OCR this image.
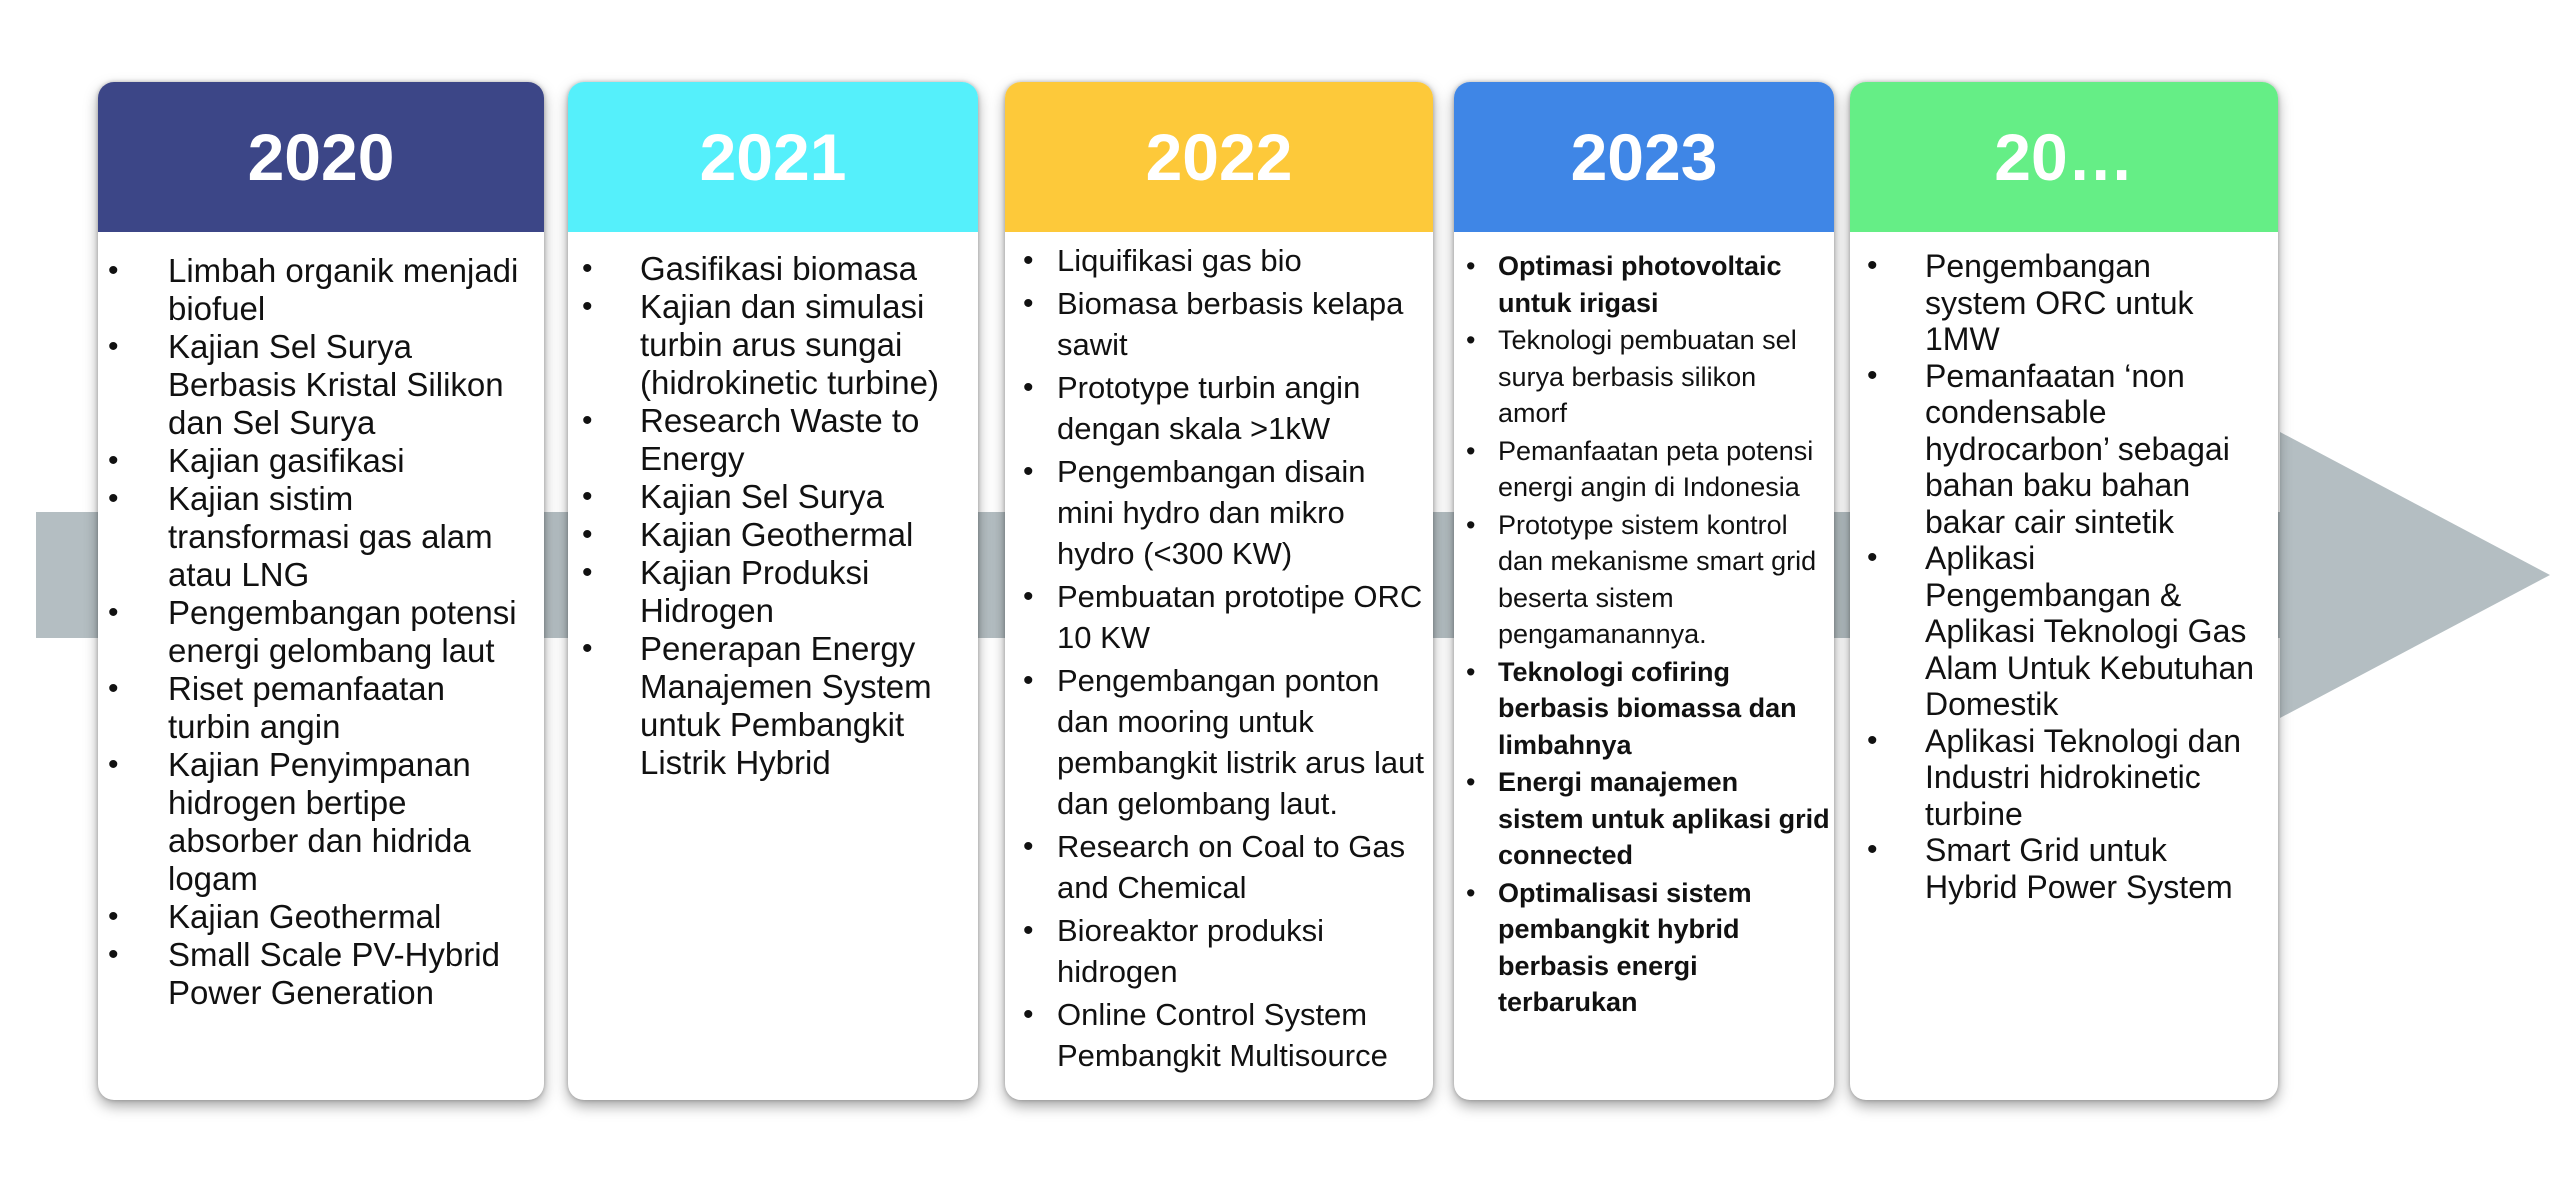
2020
• Limbah organik menjadi biofuel
• Kajian Sel Surya Berbasis Kristal Silikon dan Sel Surya
• Kajian gasifikasi
• Kajian sistim transformasi gas alam atau LNG
• Pengembangan potensi energi gelombang laut
• Riset pemanfaatan turbin angin
• Kajian Penyimpanan hidrogen bertipe absorber dan hidrida logam
• Kajian Geothermal
• Small Scale PV-Hybrid Power Generation
2021
• Gasifikasi biomasa
• Kajian dan simulasi turbin arus sungai (hidrokinetic turbine)
• Research Waste to Energy
• Kajian Sel Surya
• Kajian Geothermal
• Kajian Produksi Hidrogen
• Penerapan Energy Manajemen System untuk Pembangkit Listrik Hybrid
2022
• Liquifikasi gas bio
• Biomasa berbasis kelapa sawit
• Prototype turbin angin dengan skala >1kW
• Pengembangan disain mini hydro dan mikro hydro (<300 KW)
• Pembuatan prototipe ORC 10 KW
• Pengembangan ponton dan mooring untuk pembangkit listrik arus laut dan gelombang laut.
• Research on Coal to Gas and Chemical
• Bioreaktor produksi hidrogen
• Online Control System Pembangkit Multisource
2023
• Optimasi photovoltaic untuk irigasi
• Teknologi pembuatan sel surya berbasis silikon amorf
• Pemanfaatan peta potensi energi angin di Indonesia
• Prototype sistem kontrol dan mekanisme smart grid beserta sistem pengamanannya.
• Teknologi cofiring berbasis biomassa dan limbahnya
• Energi manajemen sistem untuk aplikasi grid connected
• Optimalisasi sistem pembangkit hybrid berbasis energi terbarukan
20…
• Pengembangan system ORC untuk 1MW
• Pemanfaatan ‘non condensable hydrocarbon’ sebagai bahan baku bahan bakar cair sintetik
• Aplikasi Pengembangan & Aplikasi Teknologi Gas Alam Untuk Kebutuhan Domestik
• Aplikasi Teknologi dan Industri hidrokinetic turbine
• Smart Grid untuk Hybrid Power System
